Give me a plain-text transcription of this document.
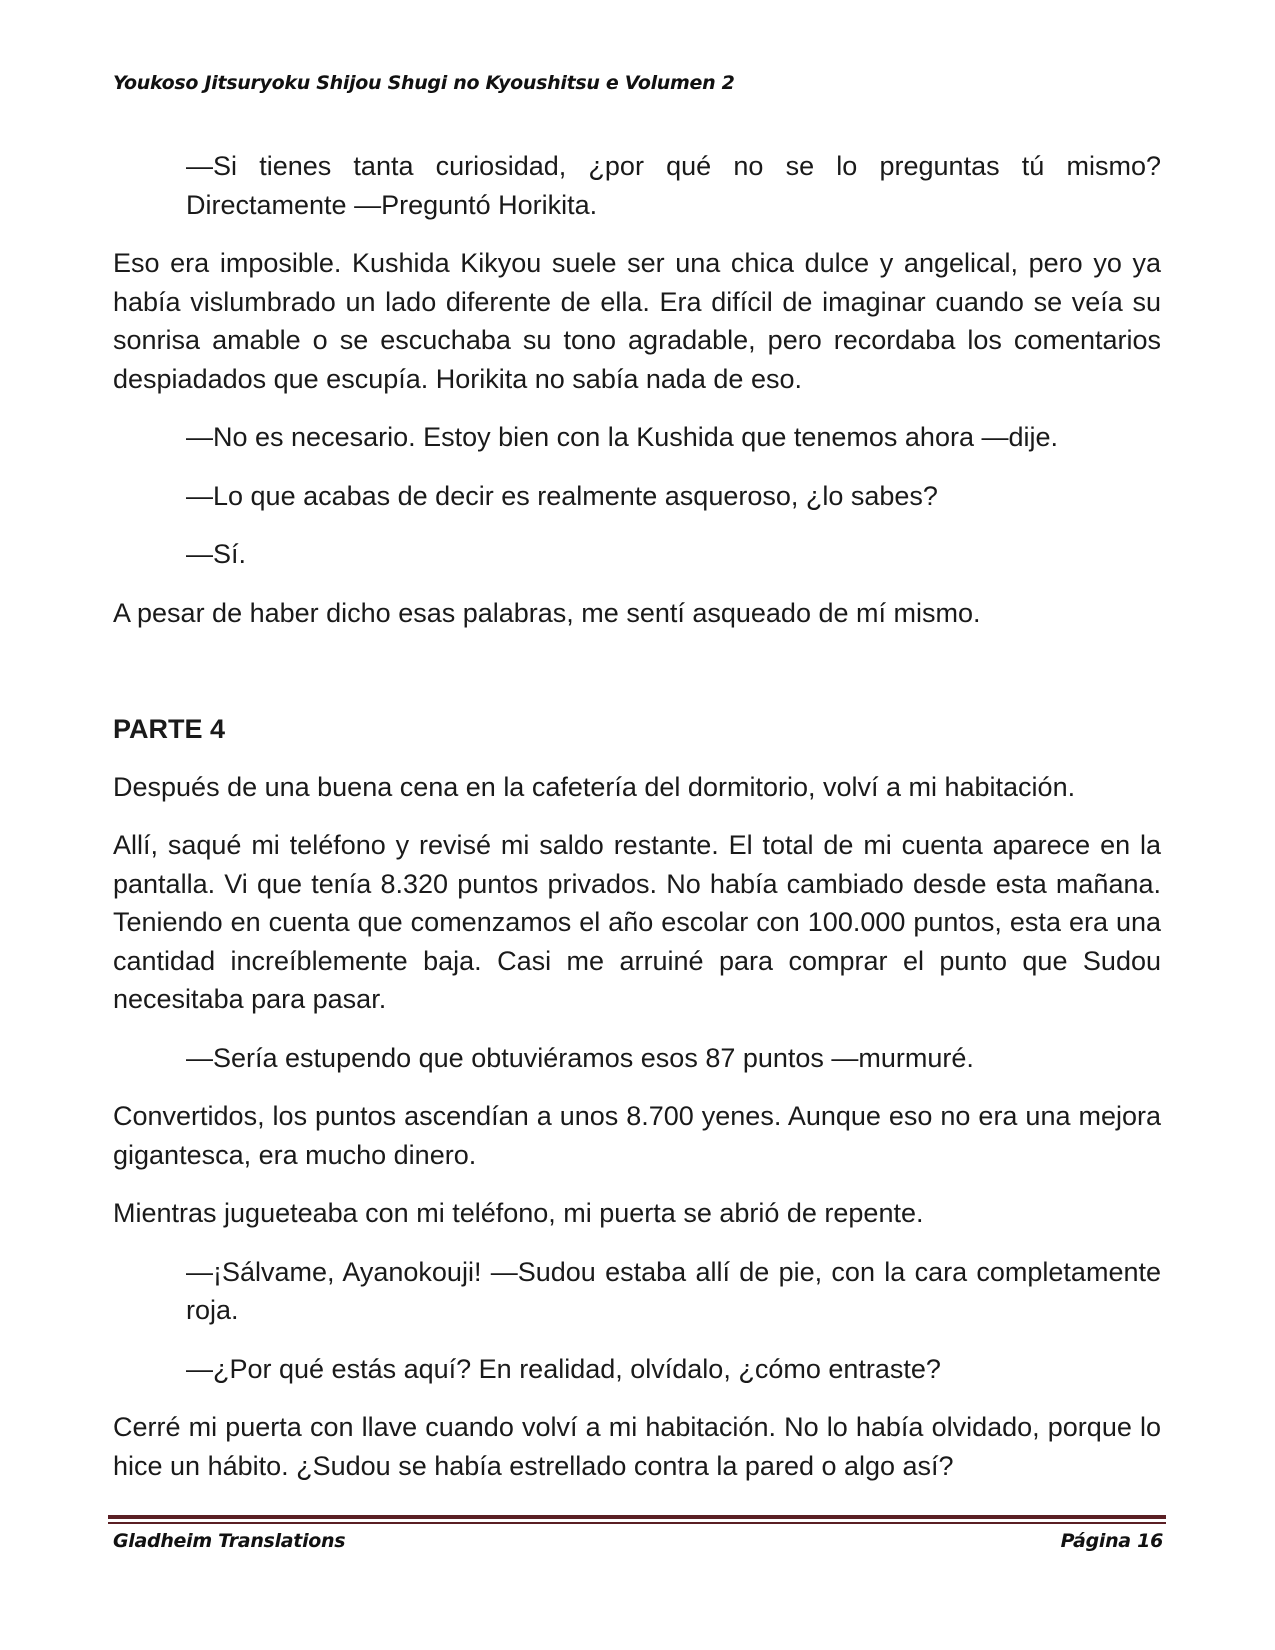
Youkoso Jitsuryoku Shijou Shugi no Kyoushitsu e Volumen 2

—Si tienes tanta curiosidad, ¿por qué no se lo preguntas tú mismo? Directamente —Preguntó Horikita.

Eso era imposible. Kushida Kikyou suele ser una chica dulce y angelical, pero yo ya había vislumbrado un lado diferente de ella. Era difícil de imaginar cuando se veía su sonrisa amable o se escuchaba su tono agradable, pero recordaba los comentarios despiadados que escupía. Horikita no sabía nada de eso.

—No es necesario. Estoy bien con la Kushida que tenemos ahora —dije.

—Lo que acabas de decir es realmente asqueroso, ¿lo sabes?

—Sí.

A pesar de haber dicho esas palabras, me sentí asqueado de mí mismo.

PARTE 4

Después de una buena cena en la cafetería del dormitorio, volví a mi habitación.

Allí, saqué mi teléfono y revisé mi saldo restante. El total de mi cuenta aparece en la pantalla. Vi que tenía 8.320 puntos privados. No había cambiado desde esta mañana. Teniendo en cuenta que comenzamos el año escolar con 100.000 puntos, esta era una cantidad increíblemente baja. Casi me arruiné para comprar el punto que Sudou necesitaba para pasar.

—Sería estupendo que obtuviéramos esos 87 puntos —murmuré.

Convertidos, los puntos ascendían a unos 8.700 yenes. Aunque eso no era una mejora gigantesca, era mucho dinero.

Mientras jugueteaba con mi teléfono, mi puerta se abrió de repente.

—¡Sálvame, Ayanokouji! —Sudou estaba allí de pie, con la cara completamente roja.

—¿Por qué estás aquí? En realidad, olvídalo, ¿cómo entraste?

Cerré mi puerta con llave cuando volví a mi habitación. No lo había olvidado, porque lo hice un hábito. ¿Sudou se había estrellado contra la pared o algo así?

Gladheim Translations	Página 16
